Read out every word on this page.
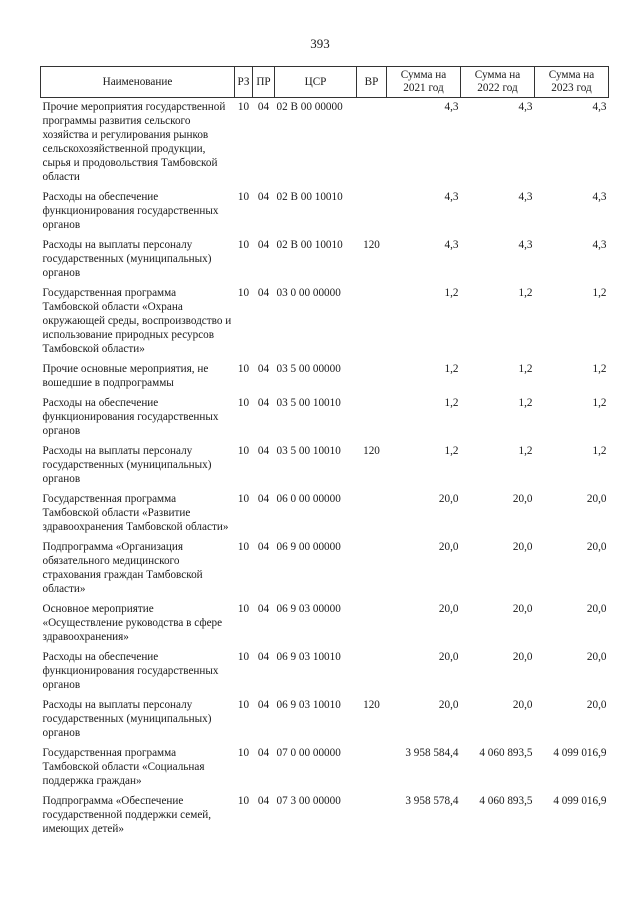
393
Наименование	РЗ	ПР	ЦСР	ВР	Сумма на 2021 год	Сумма на 2022 год	Сумма на 2023 год
Прочие мероприятия государственной программы развития сельского хозяйства и регулирования рынков сельскохозяйственной продукции, сырья и продовольствия Тамбовской области	10	04	02 В 00 00000		4,3	4,3	4,3
Расходы на обеспечение функционирования государственных органов	10	04	02 В 00 10010		4,3	4,3	4,3
Расходы на выплаты персоналу государственных (муниципальных) органов	10	04	02 В 00 10010	120	4,3	4,3	4,3
Государственная программа Тамбовской области «Охрана окружающей среды, воспроизводство и использование природных ресурсов Тамбовской области»	10	04	03 0 00 00000		1,2	1,2	1,2
Прочие основные мероприятия, не вошедшие в подпрограммы	10	04	03 5 00 00000		1,2	1,2	1,2
Расходы на обеспечение функционирования государственных органов	10	04	03 5 00 10010		1,2	1,2	1,2
Расходы на выплаты персоналу государственных (муниципальных) органов	10	04	03 5 00 10010	120	1,2	1,2	1,2
Государственная программа Тамбовской области «Развитие здравоохранения Тамбовской области»	10	04	06 0 00 00000		20,0	20,0	20,0
Подпрограмма «Организация обязательного медицинского страхования граждан Тамбовской области»	10	04	06 9 00 00000		20,0	20,0	20,0
Основное мероприятие «Осуществление руководства в сфере здравоохранения»	10	04	06 9 03 00000		20,0	20,0	20,0
Расходы на обеспечение функционирования государственных органов	10	04	06 9 03 10010		20,0	20,0	20,0
Расходы на выплаты персоналу государственных (муниципальных) органов	10	04	06 9 03 10010	120	20,0	20,0	20,0
Государственная программа Тамбовской области «Социальная поддержка граждан»	10	04	07 0 00 00000		3 958 584,4	4 060 893,5	4 099 016,9
Подпрограмма «Обеспечение государственной поддержки семей, имеющих детей»	10	04	07 3 00 00000		3 958 578,4	4 060 893,5	4 099 016,9
